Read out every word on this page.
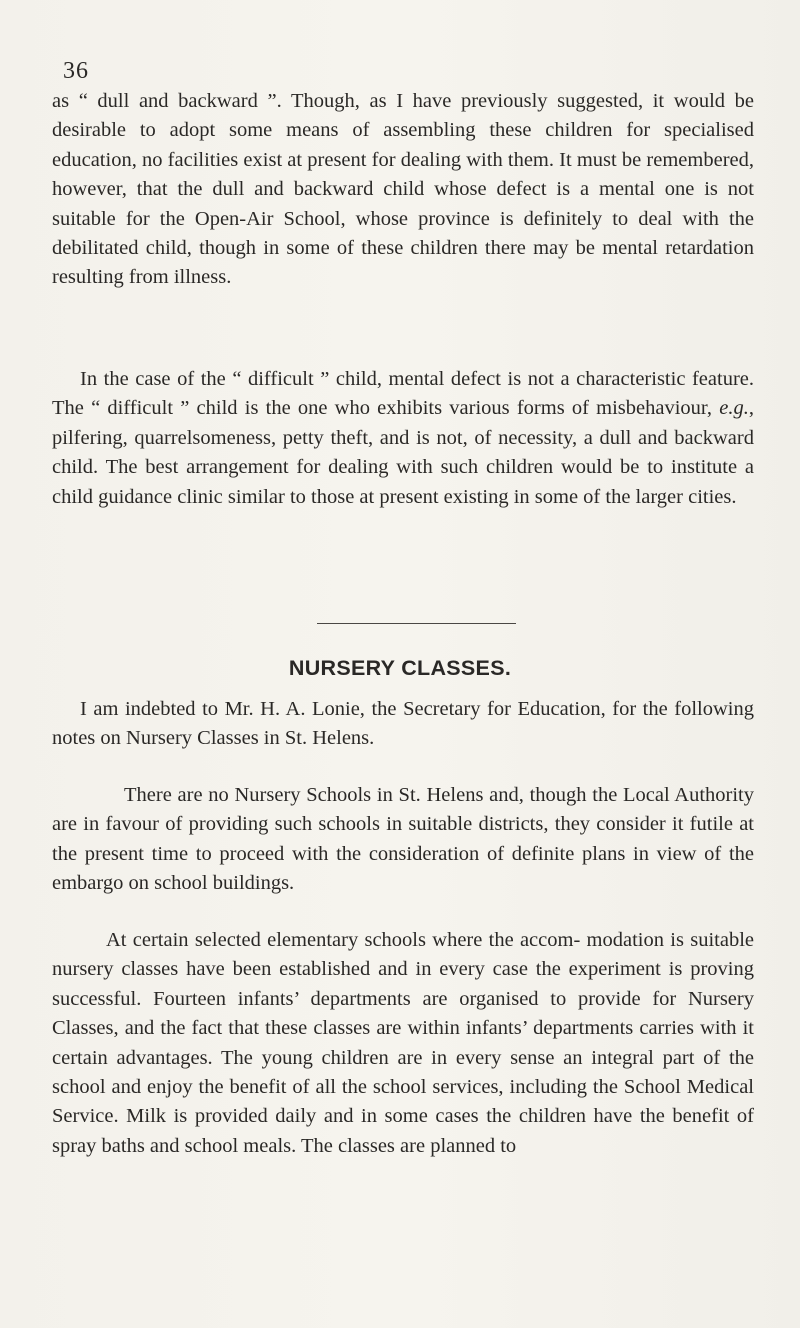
36

as “ dull and backward ”. Though, as I have previously suggested, it would be desirable to adopt some means of assembling these children for specialised education, no facilities exist at present for dealing with them. It must be remembered, however, that the dull and backward child whose defect is a mental one is not suitable for the Open-Air School, whose province is definitely to deal with the debilitated child, though in some of these children there may be mental retardation resulting from illness.

In the case of the “ difficult ” child, mental defect is not a characteristic feature. The “ difficult ” child is the one who exhibits various forms of misbehaviour, e.g., pilfering, quarrelsomeness, petty theft, and is not, of necessity, a dull and backward child. The best arrangement for dealing with such children would be to institute a child guidance clinic similar to those at present existing in some of the larger cities.

NURSERY CLASSES.

I am indebted to Mr. H. A. Lonie, the Secretary for Education, for the following notes on Nursery Classes in St. Helens.

There are no Nursery Schools in St. Helens and, though the Local Authority are in favour of providing such schools in suitable districts, they consider it futile at the present time to proceed with the consideration of definite plans in view of the embargo on school buildings.

At certain selected elementary schools where the accom- modation is suitable nursery classes have been established and in every case the experiment is proving successful. Fourteen infants’ departments are organised to provide for Nursery Classes, and the fact that these classes are within infants’ departments carries with it certain advantages. The young children are in every sense an integral part of the school and enjoy the benefit of all the school services, including the School Medical Service. Milk is provided daily and in some cases the children have the benefit of spray baths and school meals. The classes are planned to
